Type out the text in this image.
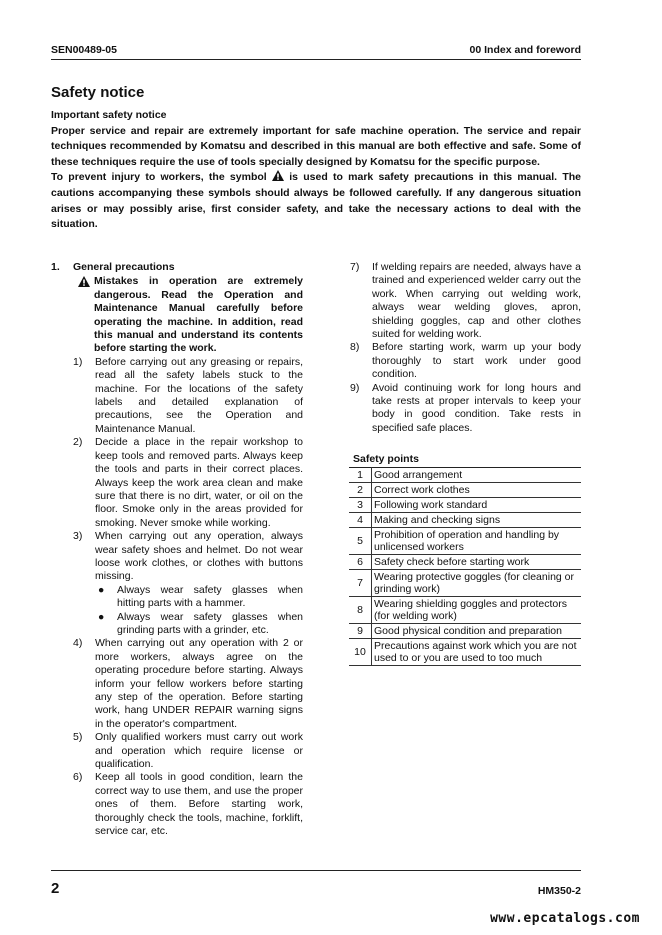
SEN00489-05	00 Index and foreword
Safety notice

Important safety notice

Proper service and repair are extremely important for safe machine operation. The service and repair techniques recommended by Komatsu and described in this manual are both effective and safe. Some of these techniques require the use of tools specially designed by Komatsu for the specific purpose.

To prevent injury to workers, the symbol is used to mark safety precautions in this manual. The cautions accompanying these symbols should always be followed carefully. If any dangerous situation arises or may possibly arise, first consider safety, and take the necessary actions to deal with the situation.

1. General precautions
Mistakes in operation are extremely dangerous. Read the Operation and Maintenance Manual carefully before operating the machine. In addition, read this manual and understand its contents before starting the work.
1) Before carrying out any greasing or repairs, read all the safety labels stuck to the machine. For the locations of the safety labels and detailed explanation of precautions, see the Operation and Maintenance Manual.
2) Decide a place in the repair workshop to keep tools and removed parts. Always keep the tools and parts in their correct places. Always keep the work area clean and make sure that there is no dirt, water, or oil on the floor. Smoke only in the areas provided for smoking. Never smoke while working.
3) When carrying out any operation, always wear safety shoes and helmet. Do not wear loose work clothes, or clothes with buttons missing.
● Always wear safety glasses when hitting parts with a hammer.
● Always wear safety glasses when grinding parts with a grinder, etc.
4) When carrying out any operation with 2 or more workers, always agree on the operating procedure before starting. Always inform your fellow workers before starting any step of the operation. Before starting work, hang UNDER REPAIR warning signs in the operator's compartment.
5) Only qualified workers must carry out work and operation which require license or qualification.
6) Keep all tools in good condition, learn the correct way to use them, and use the proper ones of them. Before starting work, thoroughly check the tools, machine, forklift, service car, etc.
7) If welding repairs are needed, always have a trained and experienced welder carry out the work. When carrying out welding work, always wear welding gloves, apron, shielding goggles, cap and other clothes suited for welding work.
8) Before starting work, warm up your body thoroughly to start work under good condition.
9) Avoid continuing work for long hours and take rests at proper intervals to keep your body in good condition. Take rests in specified safe places.
Safety points
1	Good arrangement
2	Correct work clothes
3	Following work standard
4	Making and checking signs
5	Prohibition of operation and handling by unlicensed workers
6	Safety check before starting work
7	Wearing protective goggles (for cleaning or grinding work)
8	Wearing shielding goggles and protectors (for welding work)
9	Good physical condition and preparation
10	Precautions against work which you are not used to or you are used to too much
2	HM350-2
www.epcatalogs.com
